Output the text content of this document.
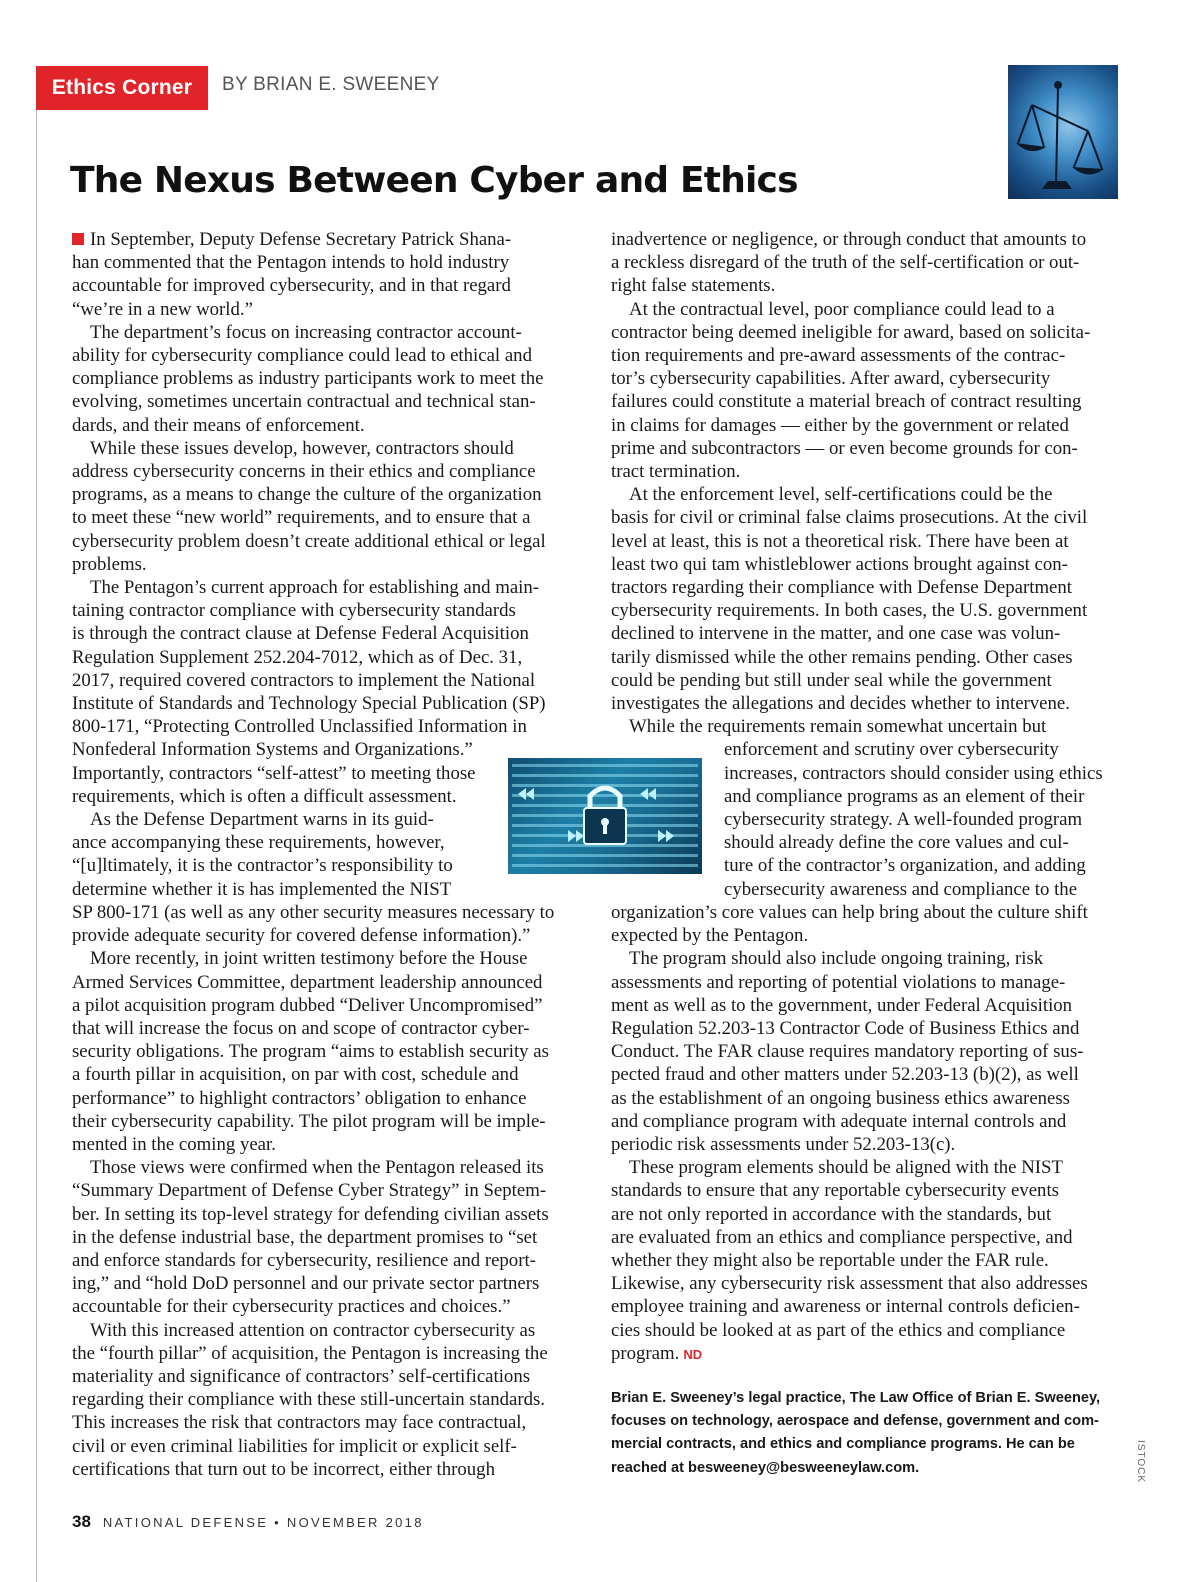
Ethics Corner	BY BRIAN E. SWEENEY
The Nexus Between Cyber and Ethics

In September, Deputy Defense Secretary Patrick Shana-

han commented that the Pentagon intends to hold industry

accountable for improved cybersecurity, and in that regard

“we’re in a new world.”

The department’s focus on increasing contractor account-

ability for cybersecurity compliance could lead to ethical and

compliance problems as industry participants work to meet the

evolving, sometimes uncertain contractual and technical stan-

dards, and their means of enforcement.

While these issues develop, however, contractors should

address cybersecurity concerns in their ethics and compliance

programs, as a means to change the culture of the organization

to meet these “new world” requirements, and to ensure that a

cybersecurity problem doesn’t create additional ethical or legal

problems.

The Pentagon’s current approach for establishing and main-

taining contractor compliance with cybersecurity standards

is through the contract clause at Defense Federal Acquisition

Regulation Supplement 252.204-7012, which as of Dec. 31,

2017, required covered contractors to implement the National

Institute of Standards and Technology Special Publication (SP)

800-171, “Protecting Controlled Unclassified Information in

Nonfederal Information Systems and Organizations.”

Importantly, contractors “self-attest” to meeting those

requirements, which is often a difficult assessment.

As the Defense Department warns in its guid-

ance accompanying these requirements, however,

“[u]ltimately, it is the contractor’s responsibility to

determine whether it is has implemented the NIST

SP 800-171 (as well as any other security measures necessary to

provide adequate security for covered defense information).”

More recently, in joint written testimony before the House

Armed Services Committee, department leadership announced

a pilot acquisition program dubbed “Deliver Uncompromised”

that will increase the focus on and scope of contractor cyber-

security obligations. The program “aims to establish security as

a fourth pillar in acquisition, on par with cost, schedule and

performance” to highlight contractors’ obligation to enhance

their cybersecurity capability. The pilot program will be imple-

mented in the coming year.

Those views were confirmed when the Pentagon released its

“Summary Department of Defense Cyber Strategy” in Septem-

ber. In setting its top-level strategy for defending civilian assets

in the defense industrial base, the department promises to “set

and enforce standards for cybersecurity, resilience and report-

ing,” and “hold DoD personnel and our private sector partners

accountable for their cybersecurity practices and choices.”

With this increased attention on contractor cybersecurity as

the “fourth pillar” of acquisition, the Pentagon is increasing the

materiality and significance of contractors’ self-certifications

regarding their compliance with these still-uncertain standards.

This increases the risk that contractors may face contractual,

civil or even criminal liabilities for implicit or explicit self-

certifications that turn out to be incorrect, either through

inadvertence or negligence, or through conduct that amounts to

a reckless disregard of the truth of the self-certification or out-

right false statements.

At the contractual level, poor compliance could lead to a

contractor being deemed ineligible for award, based on solicita-

tion requirements and pre-award assessments of the contrac-

tor’s cybersecurity capabilities. After award, cybersecurity

failures could constitute a material breach of contract resulting

in claims for damages — either by the government or related

prime and subcontractors — or even become grounds for con-

tract termination.

At the enforcement level, self-certifications could be the

basis for civil or criminal false claims prosecutions. At the civil

level at least, this is not a theoretical risk. There have been at

least two qui tam whistleblower actions brought against con-

tractors regarding their compliance with Defense Department

cybersecurity requirements. In both cases, the U.S. government

declined to intervene in the matter, and one case was volun-

tarily dismissed while the other remains pending. Other cases

could be pending but still under seal while the government

investigates the allegations and decides whether to intervene.

While the requirements remain somewhat uncertain but

enforcement and scrutiny over cybersecurity

increases, contractors should consider using ethics

and compliance programs as an element of their

cybersecurity strategy. A well-founded program

should already define the core values and cul-

ture of the contractor’s organization, and adding

cybersecurity awareness and compliance to the

organization’s core values can help bring about the culture shift

expected by the Pentagon.

The program should also include ongoing training, risk

assessments and reporting of potential violations to manage-

ment as well as to the government, under Federal Acquisition

Regulation 52.203-13 Contractor Code of Business Ethics and

Conduct. The FAR clause requires mandatory reporting of sus-

pected fraud and other matters under 52.203-13 (b)(2), as well

as the establishment of an ongoing business ethics awareness

and compliance program with adequate internal controls and

periodic risk assessments under 52.203-13(c).

These program elements should be aligned with the NIST

standards to ensure that any reportable cybersecurity events

are not only reported in accordance with the standards, but

are evaluated from an ethics and compliance perspective, and

whether they might also be reportable under the FAR rule.

Likewise, any cybersecurity risk assessment that also addresses

employee training and awareness or internal controls deficien-

cies should be looked at as part of the ethics and compliance

program. ND

Brian E. Sweeney’s legal practice, The Law Office of Brian E. Sweeney,

focuses on technology, aerospace and defense, government and com-

mercial contracts, and ethics and compliance programs. He can be

reached at besweeney@besweeneylaw.com.	ISTOCK
38 NATIONAL DEFENSE • NOVEMBER 2018
